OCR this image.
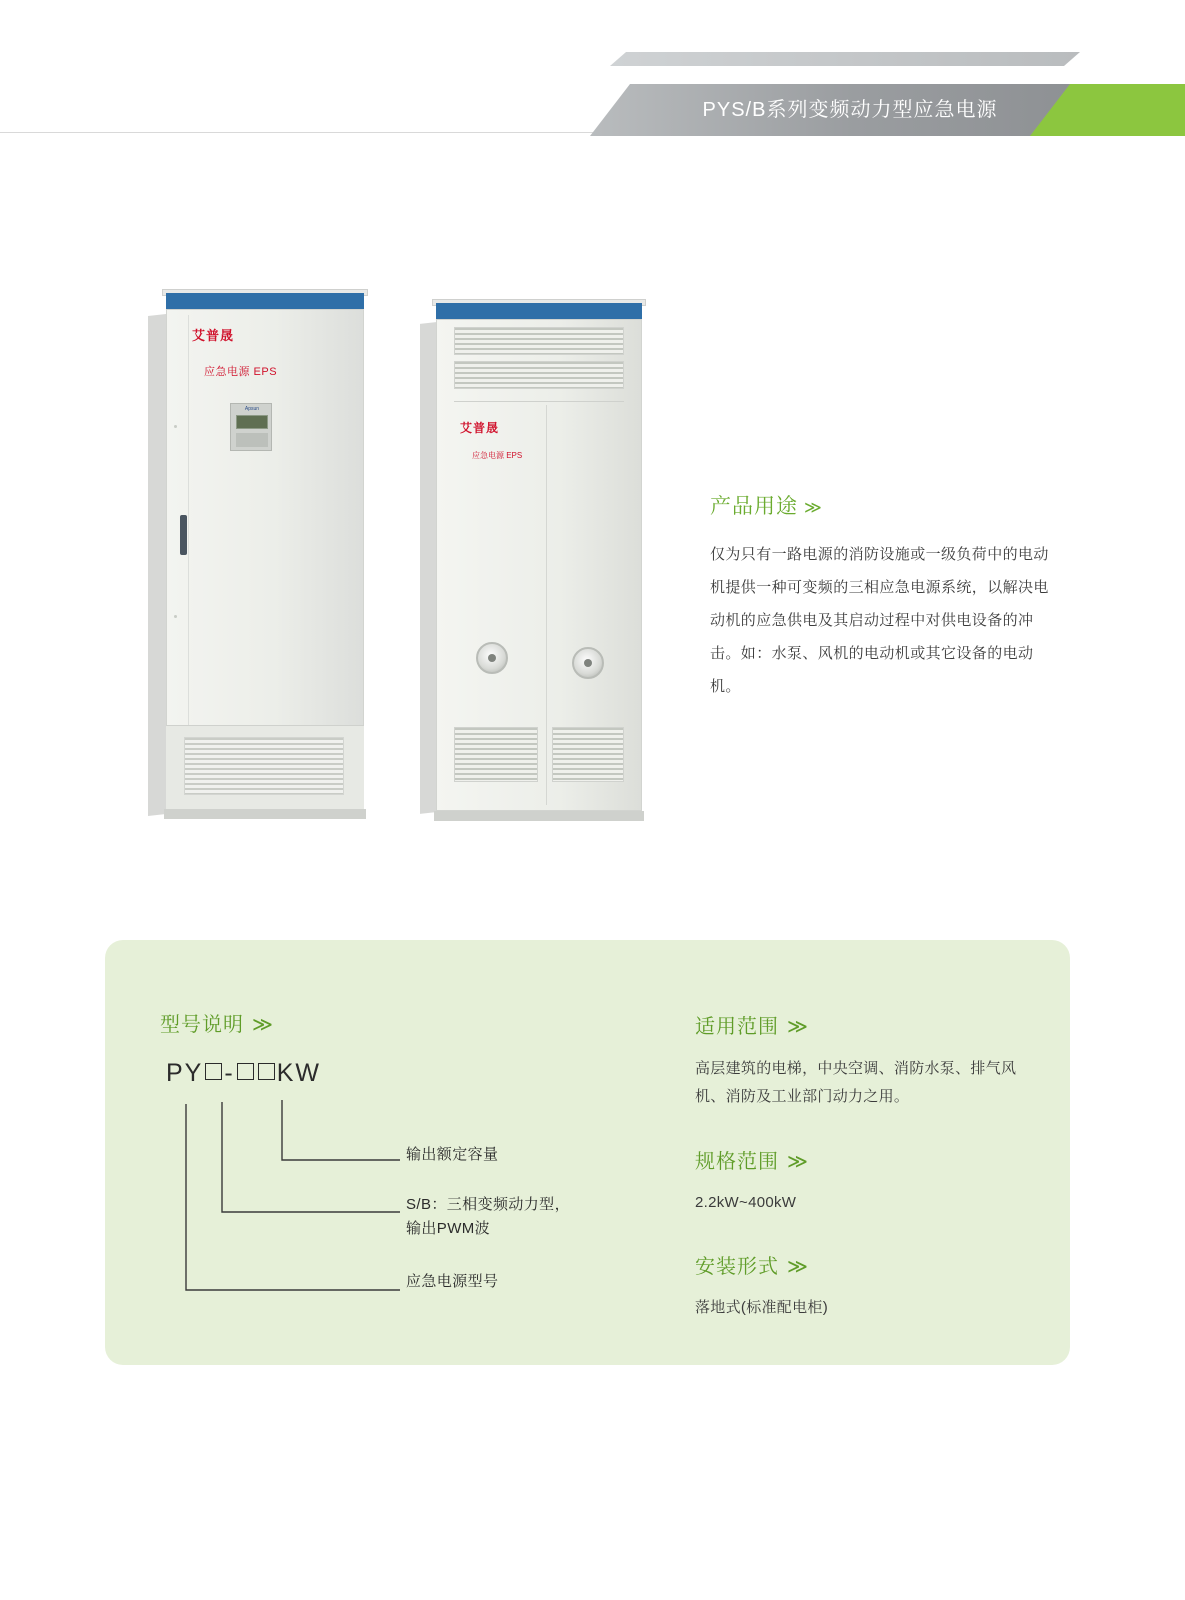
PYS/B系列变频动力型应急电源
艾普晟
应急电源 EPS
Apsun
艾普晟
应急电源 EPS
产品用途 ≫
仅为只有一路电源的消防设施或一级负荷中的电动机提供一种可变频的三相应急电源系统，以解决电动机的应急供电及其启动过程中对供电设备的冲击。如：水泵、风机的电动机或其它设备的电动机。
型号说明 ≫
PY - KW
输出额定容量
S/B：三相变频动力型，
输出PWM波
应急电源型号
适用范围 ≫

高层建筑的电梯，中央空调、消防水泵、排气风机、消防及工业部门动力之用。

规格范围 ≫

2.2kW~400kW

安装形式 ≫

落地式(标准配电柜)
